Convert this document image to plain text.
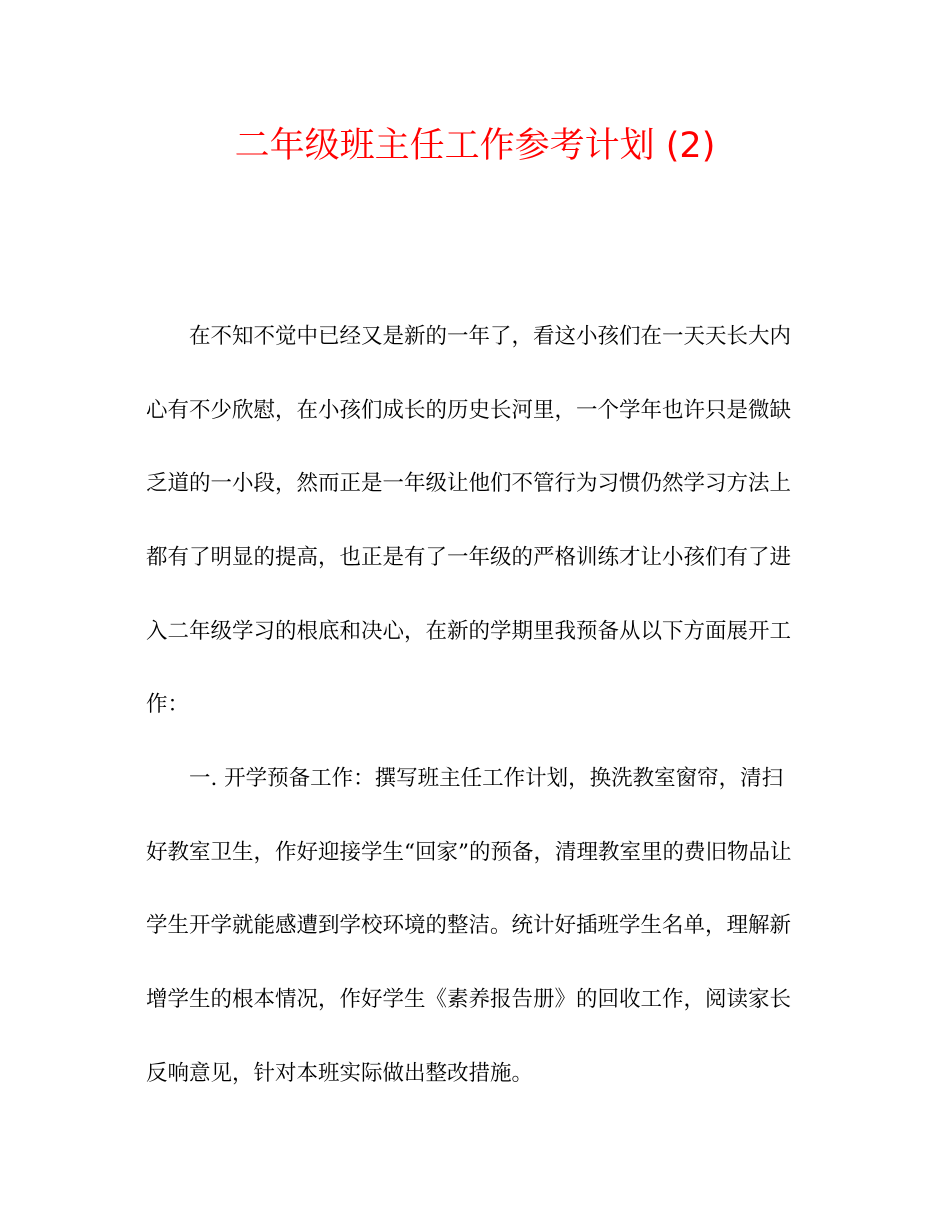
二年级班主任工作参考计划 (2)

在不知不觉中已经又是新的一年了，看这小孩们在一天天长大内

心有不少欣慰，在小孩们成长的历史长河里，一个学年也许只是微缺

乏道的一小段，然而正是一年级让他们不管行为习惯仍然学习方法上

都有了明显的提高，也正是有了一年级的严格训练才让小孩们有了进

入二年级学习的根底和决心，在新的学期里我预备从以下方面展开工

作：

一. 开学预备工作：撰写班主任工作计划，换洗教室窗帘，清扫

好教室卫生，作好迎接学生“回家”的预备，清理教室里的费旧物品让

学生开学就能感遭到学校环境的整洁。统计好插班学生名单，理解新

增学生的根本情况，作好学生《素养报告册》的回收工作，阅读家长

反响意见，针对本班实际做出整改措施。
